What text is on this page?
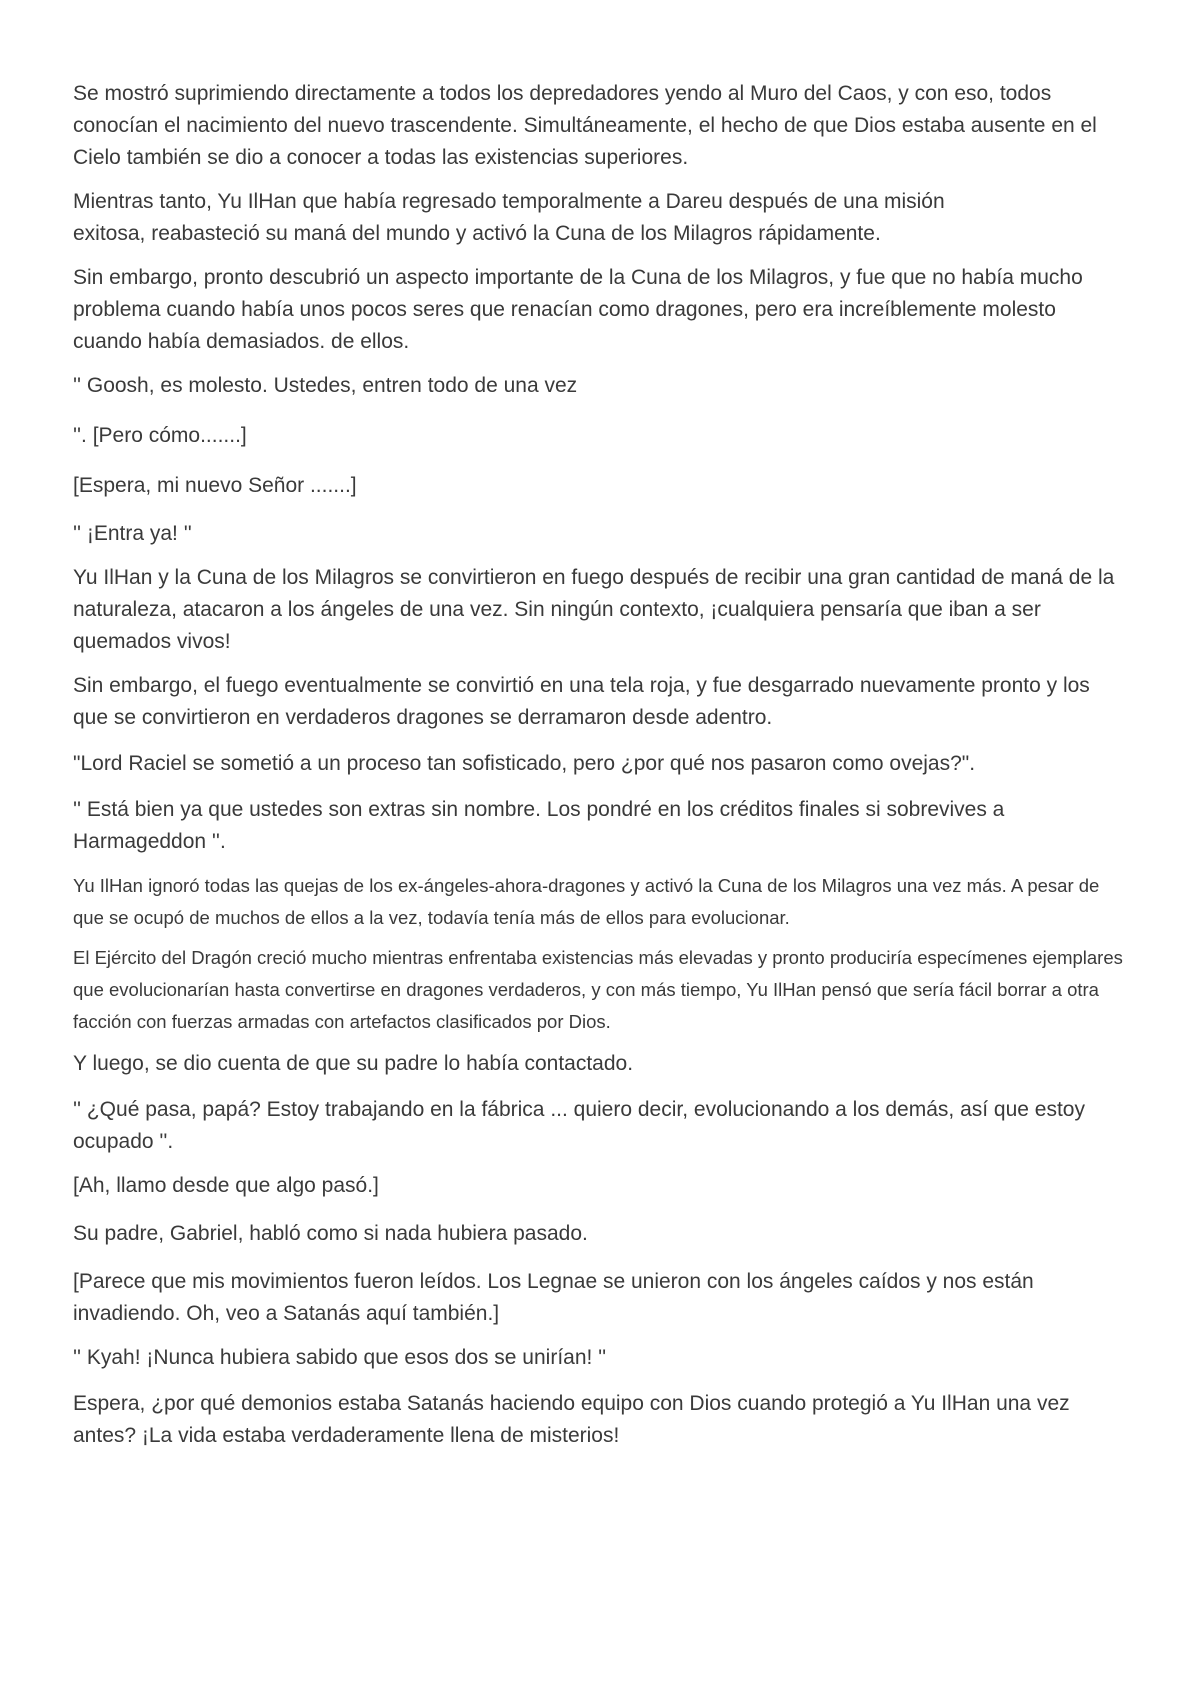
Se mostró suprimiendo directamente a todos los depredadores yendo al Muro del Caos, y con eso, todos conocían el nacimiento del nuevo trascendente. Simultáneamente, el hecho de que Dios estaba ausente en el Cielo también se dio a conocer a todas las existencias superiores.

Mientras tanto, Yu IlHan que había regresado temporalmente a Dareu después de una misión exitosa, reabasteció su maná del mundo y activó la Cuna de los Milagros rápidamente.

Sin embargo, pronto descubrió un aspecto importante de la Cuna de los Milagros, y fue que no había mucho problema cuando había unos pocos seres que renacían como dragones, pero era increíblemente molesto cuando había demasiados. de ellos.

'' Goosh, es molesto. Ustedes, entren todo de una vez

''. [Pero cómo.......]

[Espera, mi nuevo Señor .......]

'' ¡Entra ya! ''

Yu IlHan y la Cuna de los Milagros se convirtieron en fuego después de recibir una gran cantidad de maná de la naturaleza, atacaron a los ángeles de una vez. Sin ningún contexto, ¡cualquiera pensaría que iban a ser quemados vivos!

Sin embargo, el fuego eventualmente se convirtió en una tela roja, y fue desgarrado nuevamente pronto y los que se convirtieron en verdaderos dragones se derramaron desde adentro.

"Lord Raciel se sometió a un proceso tan sofisticado, pero ¿por qué nos pasaron como ovejas?".

'' Está bien ya que ustedes son extras sin nombre. Los pondré en los créditos finales si sobrevives a Harmageddon ''.

Yu IlHan ignoró todas las quejas de los ex-ángeles-ahora-dragones y activó la Cuna de los Milagros una vez más. A pesar de que se ocupó de muchos de ellos a la vez, todavía tenía más de ellos para evolucionar.

El Ejército del Dragón creció mucho mientras enfrentaba existencias más elevadas y pronto produciría especímenes ejemplares que evolucionarían hasta convertirse en dragones verdaderos, y con más tiempo, Yu IlHan pensó que sería fácil borrar a otra facción con fuerzas armadas con artefactos clasificados por Dios.

Y luego, se dio cuenta de que su padre lo había contactado.

'' ¿Qué pasa, papá? Estoy trabajando en la fábrica ... quiero decir, evolucionando a los demás, así que estoy ocupado ''.

[Ah, llamo desde que algo pasó.]

Su padre, Gabriel, habló como si nada hubiera pasado.

[Parece que mis movimientos fueron leídos. Los Legnae se unieron con los ángeles caídos y nos están invadiendo. Oh, veo a Satanás aquí también.]

'' Kyah! ¡Nunca hubiera sabido que esos dos se unirían! ''

Espera, ¿por qué demonios estaba Satanás haciendo equipo con Dios cuando protegió a Yu IlHan una vez antes? ¡La vida estaba verdaderamente llena de misterios!
